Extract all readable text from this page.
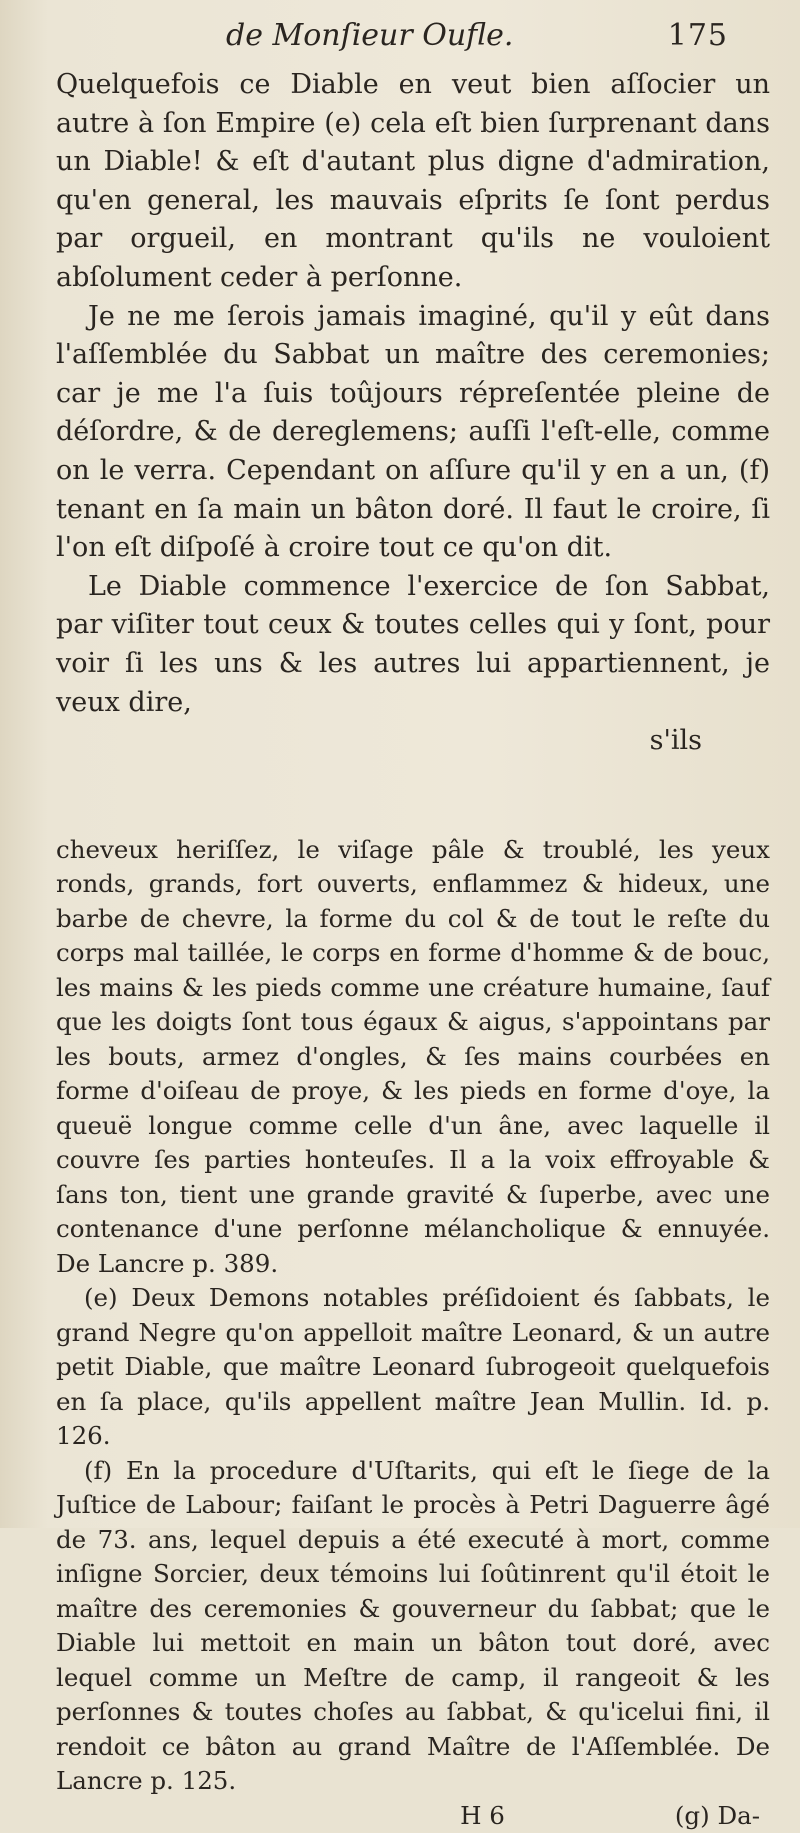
de Monſieur Oufle.	175

Quelquefois ce Diable en veut bien aſſocier un autre à ſon Empire (e) cela eſt bien ſurprenant dans un Diable! & eſt d'autant plus digne d'admiration, qu'en general, les mauvais eſprits ſe ſont perdus par orgueil, en montrant qu'ils ne vouloient abſolument ceder à perſonne.

Je ne me ſerois jamais imaginé, qu'il y eût dans l'aſſemblée du Sabbat un maître des ceremonies; car je me l'a ſuis toûjours répreſentée pleine de déſordre, & de dereglemens; auſſi l'eſt-elle, comme on le verra. Cependant on aſſure qu'il y en a un, (f) tenant en ſa main un bâton doré. Il faut le croire, ſi l'on eſt diſpoſé à croire tout ce qu'on dit.

Le Diable commence l'exercice de ſon Sabbat, par viſiter tout ceux & toutes celles qui y ſont, pour voir ſi les uns & les autres lui appartiennent, je veux dire,

s'ils

cheveux heriſſez, le viſage pâle & troublé, les yeux ronds, grands, fort ouverts, enflammez & hideux, une barbe de chevre, la forme du col & de tout le reſte du corps mal taillée, le corps en forme d'homme & de bouc, les mains & les pieds comme une créature humaine, ſauf que les doigts ſont tous égaux & aigus, s'appointans par les bouts, armez d'ongles, & ſes mains courbées en forme d'oiſeau de proye, & les pieds en forme d'oye, la queuë longue comme celle d'un âne, avec laquelle il couvre ſes parties honteuſes. Il a la voix effroyable & ſans ton, tient une grande gravité & ſuperbe, avec une contenance d'une perſonne mélancholique & ennuyée. De Lancre p. 389.

(e) Deux Demons notables préſidoient és ſabbats, le grand Negre qu'on appelloit maître Leonard, & un autre petit Diable, que maître Leonard ſubrogeoit quelquefois en ſa place, qu'ils appellent maître Jean Mullin. Id. p. 126.

(f) En la procedure d'Uſtarits, qui eſt le ſiege de la Juſtice de Labour; faiſant le procès à Petri Daguerre âgé de 73. ans, lequel depuis a été executé à mort, comme inſigne Sorcier, deux témoins lui ſoûtinrent qu'il étoit le maître des ceremonies & gouverneur du ſabbat; que le Diable lui mettoit en main un bâton tout doré, avec lequel comme un Meſtre de camp, il rangeoit & les perſonnes & toutes choſes au ſabbat, & qu'icelui fini, il rendoit ce bâton au grand Maître de l'Aſſemblée. De Lancre p. 125.

H 6	(g) Da-
